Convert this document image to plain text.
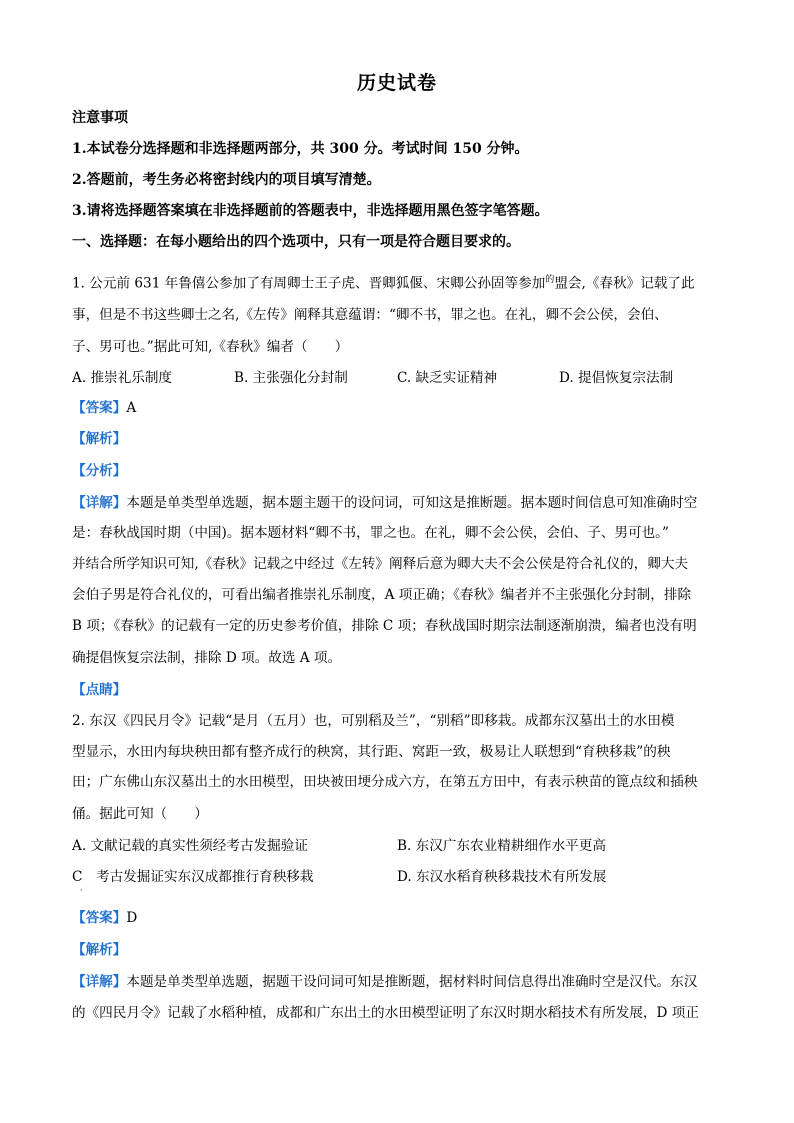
历史试卷
注意事项
1.本试卷分选择题和非选择题两部分，共 300 分。考试时间 150 分钟。
2.答题前，考生务必将密封线内的项目填写清楚。
3.请将选择题答案填在非选择题前的答题表中，非选择题用黑色签字笔答题。
一、选择题：在每小题给出的四个选项中，只有一项是符合题目要求的。
1. 公元前 631 年鲁僖公参加了有周卿士王子虎、晋卿狐偃、宋卿公孙固等参加$^的$盟会,《春秋》记载了此
事，但是不书这些卿士之名,《左传》阐释其意蕴谓：“卿不书，罪之也。在礼，卿不会公侯，会伯、
子、男可也。”据此可知,《春秋》编者（　　）
A. 推崇礼乐制度	B. 主张强化分封制	C. 缺乏实证精神	D. 提倡恢复宗法制
【答案】A
【解析】
【分析】
【详解】本题是单类型单选题，据本题主题干的设问词，可知这是推断题。据本题时间信息可知准确时空
是：春秋战国时期（中国)。据本题材料“卿不书，罪之也。在礼，卿不会公侯，会伯、子、男可也。”
并结合所学知识可知,《春秋》记载之中经过《左转》阐释后意为卿大夫不会公侯是符合礼仪的，卿大夫
会伯子男是符合礼仪的，可看出编者推崇礼乐制度，A 项正确；《春秋》编者并不主张强化分封制，排除
B 项；《春秋》的记载有一定的历史参考价值，排除 C 项；春秋战国时期宗法制逐渐崩溃，编者也没有明
确提倡恢复宗法制，排除 D 项。故选 A 项。
【点睛】
2. 东汉《四民月令》记载“是月（五月）也，可别稻及兰”，“别稻”即移栽。成都东汉墓出土的水田模
型显示，水田内每块秧田都有整齐成行的秧窝，其行距、窝距一致，极易让人联想到“育秧移栽”的秧
田；广东佛山东汉墓出土的水田模型，田块被田埂分成六方，在第五方田中，有表示秧苗的篦点纹和插秧
俑。据此可知（　　）
A. 文献记载的真实性须经考古发掘验证	B. 东汉广东农业精耕细作水平更高
C　考古发掘证实东汉成都推行育秧移栽	D. 东汉水稻育秧移栽技术有所发展
·
【答案】D
【解析】
【详解】本题是单类型单选题，据题干设问词可知是推断题，据材料时间信息得出准确时空是汉代。东汉
的《四民月令》记载了水稻种植，成都和广东出土的水田模型证明了东汉时期水稻技术有所发展，D 项正
